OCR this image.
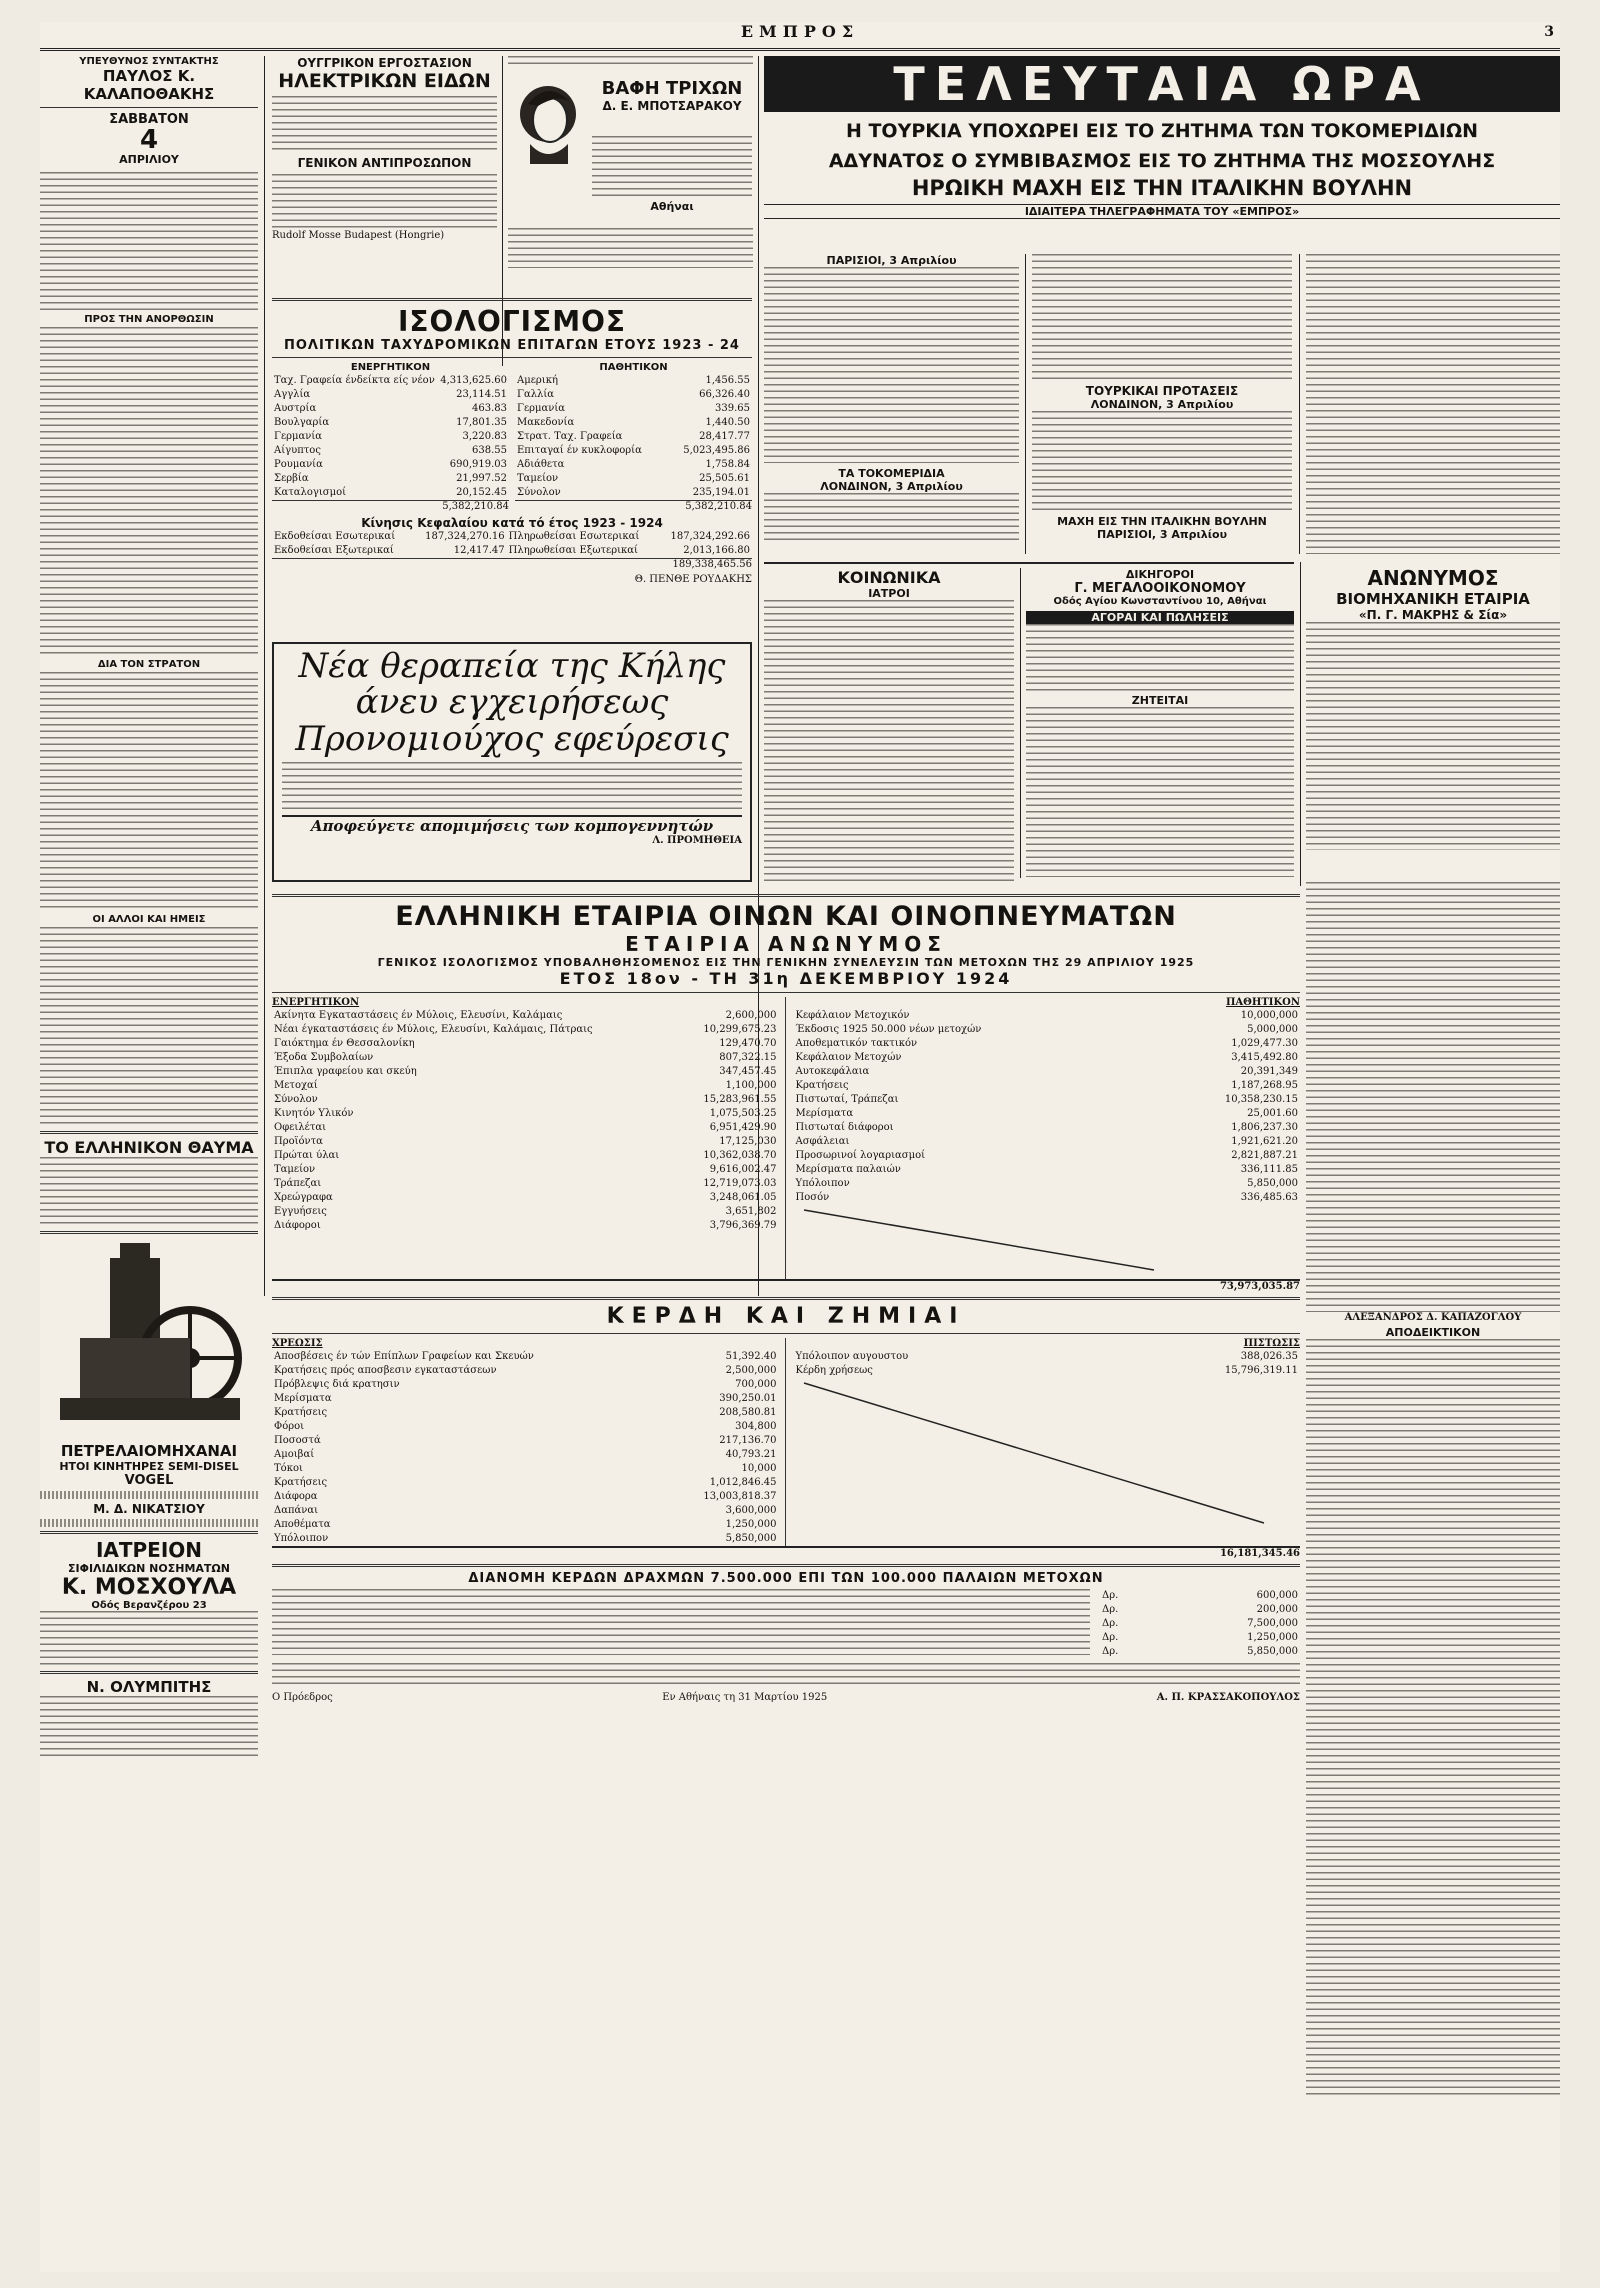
ΕΜΠΡΟΣ	3
ΥΠΕΥΘΥΝΟΣ ΣΥΝΤΑΚΤΗΣ
ΠΑΥΛΟΣ Κ. ΚΑΛΑΠΟΘΑΚΗΣ
ΣΑΒΒΑΤΟΝ
4
ΑΠΡΙΛΙΟΥ
ΠΡΟΣ ΤΗΝ ΑΝΟΡΘΩΣΙΝ
ΔΙΑ ΤΟΝ ΣΤΡΑΤΟΝ
ΟΙ ΑΛΛΟΙ ΚΑΙ ΗΜΕΙΣ
ΤΟ ΕΛΛΗΝΙΚΟΝ ΘΑΥΜΑ
ΠΕΤΡΕΛΑΙΟΜΗΧΑΝΑΙ
ΗΤΟΙ ΚΙΝΗΤΗΡΕΣ SEMI-DISEL
VOGEL
Μ. Δ. ΝΙΚΑΤΣΙΟΥ
ΙΑΤΡΕΙΟΝ
ΣΙΦΙΛΙΔΙΚΩΝ ΝΟΣΗΜΑΤΩΝ
Κ. ΜΟΣΧΟΥΛΑ
Οδός Βερανζέρου 23
Ν. ΟΛΥΜΠΙΤΗΣ
ΟΥΓΓΡΙΚΟΝ ΕΡΓΟΣΤΑΣΙΟΝ
ΗΛΕΚΤΡΙΚΩΝ ΕΙΔΩΝ
ΓΕΝΙΚΟΝ ΑΝΤΙΠΡΟΣΩΠΟΝ
Rudolf Mosse Budapest (Hongrie)
ΒΑΦΗ ΤΡΙΧΩΝ
Δ. Ε. ΜΠΟΤΣΑΡΑΚΟΥ
Αθήναι
ΙΣΟΛΟΓΙΣΜΟΣ
ΠΟΛΙΤΙΚΩΝ ΤΑΧΥΔΡΟΜΙΚΩΝ ΕΠΙΤΑΓΩΝ ΕΤΟΥΣ 1923 - 24
ΕΝΕΡΓΗΤΙΚΟΝ
Ταχ. Γραφεία ένδείκτα είς νέον	4,313,625.60
Αγγλία	23,114.51
Αυστρία	463.83
Βουλγαρία	17,801.35
Γερμανία	3,220.83
Αίγυπτος	638.55
Ρουμανία	690,919.03
Σερβία	21,997.52
Καταλογισμοί	20,152.45
5,382,210.84
ΠΑΘΗΤΙΚΟΝ
Αμερική	1,456.55
Γαλλία	66,326.40
Γερμανία	339.65
Μακεδονία	1,440.50
Στρατ. Ταχ. Γραφεία	28,417.77
Επιταγαί έν κυκλοφορία	5,023,495.86
Αδιάθετα	1,758.84
Ταμείον	25,505.61
Σύνολον	235,194.01
5,382,210.84
Κίνησις Κεφαλαίου κατά τό έτος 1923 - 1924
Εκδοθείσαι Εσωτερικαί	187,324,270.16	Πληρωθείσαι Εσωτερικαί	187,324,292.66
Εκδοθείσαι Εξωτερικαί	12,417.47	Πληρωθείσαι Εξωτερικαί	2,013,166.80
189,338,465.56
Θ. ΠΕΝΘΕ ΡΟΥΔΑΚΗΣ
Νέα θεραπεία της Κήλης
άνευ εγχειρήσεως
Προνομιούχος εφεύρεσις
Αποφεύγετε απομιμήσεις των κομπογεννητών
Λ. ΠΡΟΜΗΘΕΙΑ
ΤΕΛΕΥΤΑΙΑ ΩΡΑ
Η ΤΟΥΡΚΙΑ ΥΠΟΧΩΡΕΙ ΕΙΣ ΤΟ ΖΗΤΗΜΑ ΤΩΝ ΤΟΚΟΜΕΡΙΔΙΩΝ
ΑΔΥΝΑΤΟΣ Ο ΣΥΜΒΙΒΑΣΜΟΣ ΕΙΣ ΤΟ ΖΗΤΗΜΑ ΤΗΣ ΜΟΣΣΟΥΛΗΣ
ΗΡΩΙΚΗ ΜΑΧΗ ΕΙΣ ΤΗΝ ΙΤΑΛΙΚΗΝ ΒΟΥΛΗΝ
ΙΔΙΑΙΤΕΡΑ ΤΗΛΕΓΡΑΦΗΜΑΤΑ ΤΟΥ «ΕΜΠΡΟΣ»
ΠΑΡΙΣΙΟΙ, 3 Απριλίου
ΤΑ ΤΟΚΟΜΕΡΙΔΙΑ
ΛΟΝΔΙΝΟΝ, 3 Απριλίου
ΤΟΥΡΚΙΚΑΙ ΠΡΟΤΑΣΕΙΣ
ΛΟΝΔΙΝΟΝ, 3 Απριλίου
ΜΑΧΗ ΕΙΣ ΤΗΝ ΙΤΑΛΙΚΗΝ ΒΟΥΛΗΝ
ΠΑΡΙΣΙΟΙ, 3 Απριλίου
ΚΟΙΝΩΝΙΚΑ
ΙΑΤΡΟΙ
ΔΙΚΗΓΟΡΟΙ
Γ. ΜΕΓΑΛΟΟΙΚΟΝΟΜΟΥ
Οδός Αγίου Κωνσταντίνου 10, Αθήναι
ΑΓΟΡΑΙ ΚΑΙ ΠΩΛΗΣΕΙΣ
ΖΗΤΕΙΤΑΙ
ΑΝΩΝΥΜΟΣ
ΒΙΟΜΗΧΑΝΙΚΗ ΕΤΑΙΡΙΑ
«Π. Γ. ΜΑΚΡΗΣ & Σία»
ΑΛΕΞΑΝΔΡΟΣ Δ. ΚΑΠΑΖΟΓΛΟΥ
ΑΠΟΔΕΙΚΤΙΚΟΝ
ΕΛΛΗΝΙΚΗ ΕΤΑΙΡΙΑ ΟΙΝΩΝ ΚΑΙ ΟΙΝΟΠΝΕΥΜΑΤΩΝ
ΕΤΑΙΡΙΑ ΑΝΩΝΥΜΟΣ
ΓΕΝΙΚΟΣ ΙΣΟΛΟΓΙΣΜΟΣ ΥΠΟΒΑΛΗΘΗΣΟΜΕΝΟΣ ΕΙΣ ΤΗΝ ΓΕΝΙΚΗΝ ΣΥΝΕΛΕΥΣΙΝ ΤΩΝ ΜΕΤΟΧΩΝ ΤΗΣ 29 ΑΠΡΙΛΙΟΥ 1925
ΕΤΟΣ 18ον - ΤΗ 31η ΔΕΚΕΜΒΡΙΟΥ 1924
ΕΝΕΡΓΗΤΙΚΟΝ
Ακίνητα Εγκαταστάσεις έν Μύλοις, Ελευσίνι, Καλάμαις	2,600,000
Νέαι έγκαταστάσεις έν Μύλοις, Ελευσίνι, Καλάμαις, Πάτραις	10,299,675.23
Γαιόκτημα έν Θεσσαλονίκη	129,470.70
Έξοδα Συμβολαίων	807,322.15
Έπιπλα γραφείου και σκεύη	347,457.45
Μετοχαί	1,100,000
Σύνολον	15,283,961.55
Κινητόν Υλικόν	1,075,503.25
Οφειλέται	6,951,429.90
Προϊόντα	17,125,030
Πρώται ύλαι	10,362,038.70
Ταμείον	9,616,002.47
Τράπεζαι	12,719,073.03
Χρεώγραφα	3,248,061.05
Εγγυήσεις	3,651,802
Διάφοροι	3,796,369.79
ΠΑΘΗΤΙΚΟΝ
Κεφάλαιον Μετοχικόν	10,000,000
Έκδοσις 1925 50.000 νέων μετοχών	5,000,000
Αποθεματικόν τακτικόν	1,029,477.30
Κεφάλαιον Μετοχών	3,415,492.80
Αυτοκεφάλαια	20,391,349
Κρατήσεις	1,187,268.95
Πιστωταί, Τράπεζαι	10,358,230.15
Μερίσματα	25,001.60
Πιστωταί διάφοροι	1,806,237.30
Ασφάλειαι	1,921,621.20
Προσωρινοί λογαριασμοί	2,821,887.21
Μερίσματα παλαιών	336,111.85
Υπόλοιπον	5,850,000
Ποσόν	336,485.63
73,973,035.87
ΚΕΡΔΗ ΚΑΙ ΖΗΜΙΑΙ
ΧΡΕΩΣΙΣ
Αποσβέσεις έν τών Επίπλων Γραφείων και Σκευών	51,392.40
Κρατήσεις πρός αποσβεσιν εγκαταστάσεων	2,500,000
Πρόβλεψις διά κρατησιν	700,000
Μερίσματα	390,250.01
Κρατήσεις	208,580.81
Φόροι	304,800
Ποσοστά	217,136.70
Αμοιβαί	40,793.21
Τόκοι	10,000
Κρατήσεις	1,012,846.45
Διάφορα	13,003,818.37
Δαπάναι	3,600,000
Αποθέματα	1,250,000
Υπόλοιπον	5,850,000
ΠΙΣΤΩΣΙΣ
Υπόλοιπον αυγουστου	388,026.35
Κέρδη χρήσεως	15,796,319.11
16,181,345.46
ΔΙΑΝΟΜΗ ΚΕΡΔΩΝ ΔΡΑΧΜΩΝ 7.500.000 ΕΠΙ ΤΩΝ 100.000 ΠΑΛΑΙΩΝ ΜΕΤΟΧΩΝ
Δρ.	600,000
Δρ.	200,000
Δρ.	7,500,000
Δρ.	1,250,000
Δρ.	5,850,000
Ο Πρόεδρος	Εν Αθήναις τη 31 Μαρτίου 1925	Α. Π. ΚΡΑΣΣΑΚΟΠΟΥΛΟΣ
